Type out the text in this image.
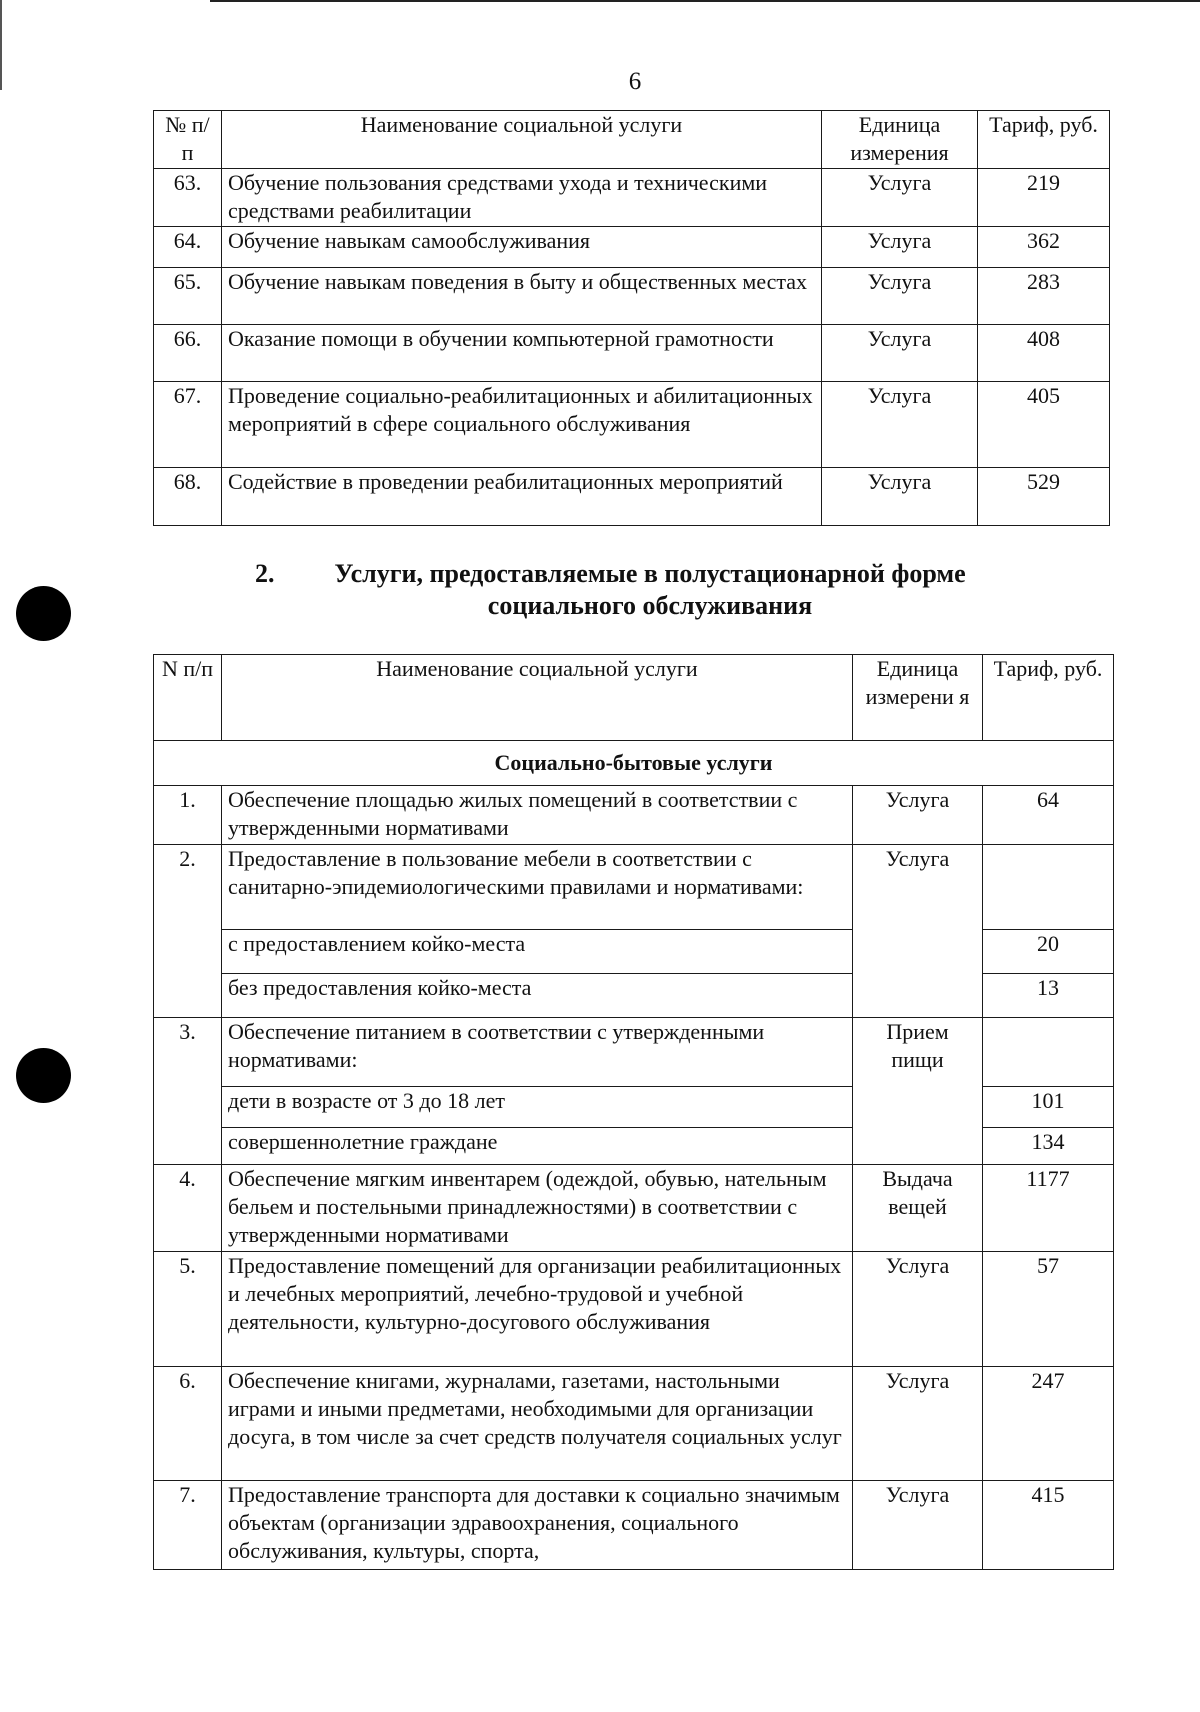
6
№ п/п	Наименование социальной услуги	Единица измерения	Тариф, руб.
63.	Обучение пользования средствами ухода и техническими средствами реабилитации	Услуга	219
64.	Обучение навыкам самообслуживания	Услуга	362
65.	Обучение навыкам поведения в быту и общественных местах	Услуга	283
66.	Оказание помощи в обучении компьютерной грамотности	Услуга	408
67.	Проведение социально-реабилитационных и абилитационных мероприятий в сфере социального обслуживания	Услуга	405
68.	Содействие в проведении реабилитационных мероприятий	Услуга	529
2.	Услуги, предоставляемые в полустационарной форме
социального обслуживания
N п/п	Наименование социальной услуги	Единица измерени я	Тариф, руб.
Социально-бытовые услуги			
1.	Обеспечение площадью жилых помещений в соответствии с утвержденными нормативами	Услуга	64
2.	Предоставление в пользование мебели в соответствии с санитарно-эпидемиологическими правилами и нормативами:	Услуга	
	с предоставлением койко-места		20
	без предоставления койко-места		13
3.	Обеспечение питанием в соответствии с утвержденными нормативами:	Прием пищи	
	дети в возрасте от 3 до 18 лет		101
	совершеннолетние граждане		134
4.	Обеспечение мягким инвентарем (одеждой, обувью, нательным бельем и постельными принадлежностями) в соответствии с утвержденными нормативами	Выдача вещей	1177
5.	Предоставление помещений для организации реабилитационных и лечебных мероприятий, лечебно-трудовой и учебной деятельности, культурно-досугового обслуживания	Услуга	57
6.	Обеспечение книгами, журналами, газетами, настольными играми и иными предметами, необходимыми для организации досуга, в том числе за счет средств получателя социальных услуг	Услуга	247
7.	Предоставление транспорта для доставки к социально значимым объектам (организации здравоохранения, социального обслуживания, культуры, спорта,	Услуга	415
